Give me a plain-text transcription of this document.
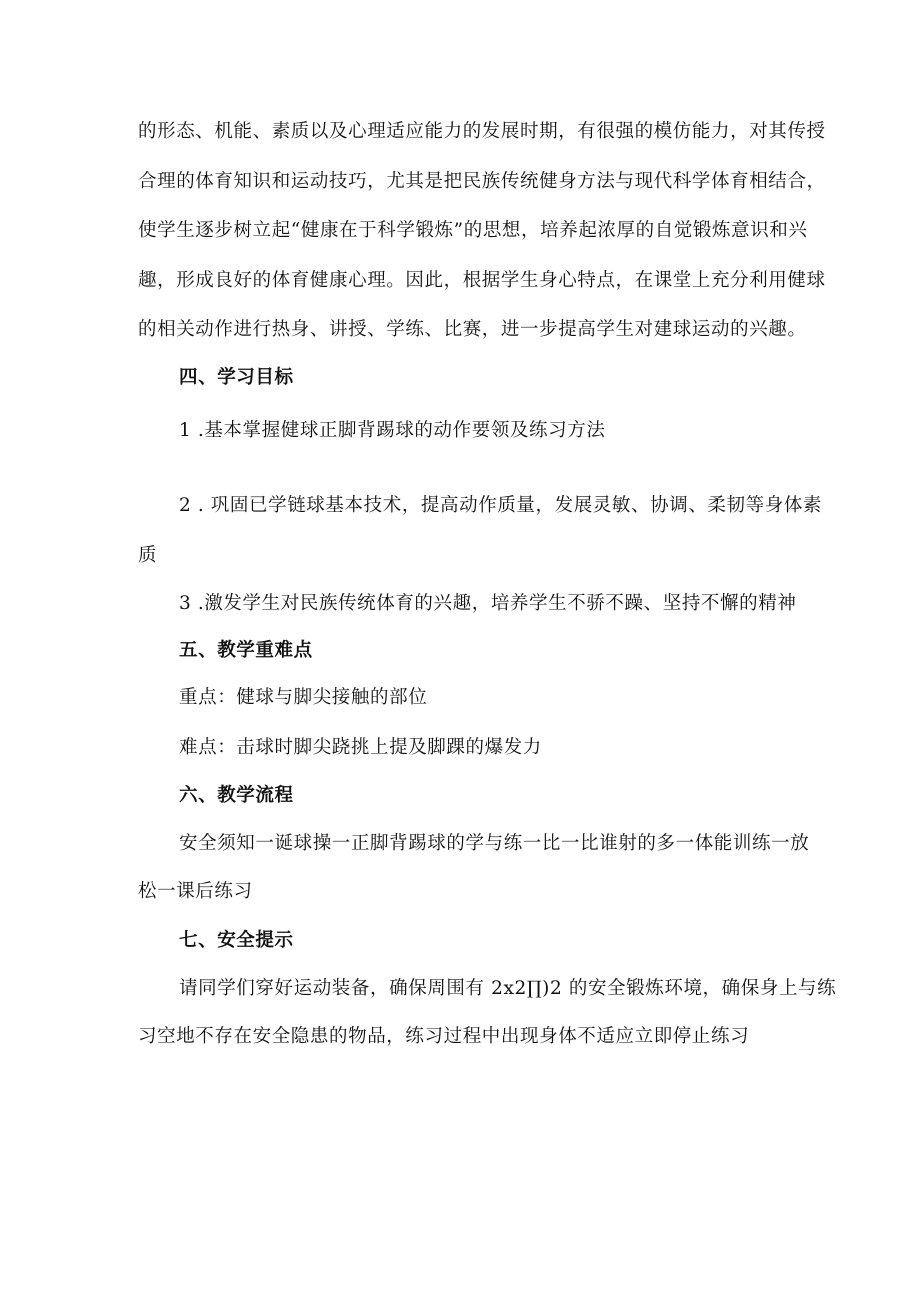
的形态、机能、素质以及心理适应能力的发展时期，有很强的模仿能力，对其传授
合理的体育知识和运动技巧，尤其是把民族传统健身方法与现代科学体育相结合，
使学生逐步树立起“健康在于科学锻炼”的思想，培养起浓厚的自觉锻炼意识和兴
趣，形成良好的体育健康心理。因此，根据学生身心特点，在课堂上充分利用健球
的相关动作进行热身、讲授、学练、比赛，进一步提高学生对建球运动的兴趣。
四、学习目标
1 .基本掌握健球正脚背踢球的动作要领及练习方法
2 . 巩固已学链球基本技术，提高动作质量，发展灵敏、协调、柔韧等身体素
质
3 .激发学生对民族传统体育的兴趣，培养学生不骄不躁、坚持不懈的精神
五、教学重难点
重点：健球与脚尖接触的部位
难点：击球时脚尖跷挑上提及脚踝的爆发力
六、教学流程
安全须知一诞球操一正脚背踢球的学与练一比一比谁射的多一体能训练一放
松一课后练习
七、安全提示
请同学们穿好运动装备，确保周围有 2x2∏)2 的安全锻炼环境，确保身上与练
习空地不存在安全隐患的物品，练习过程中出现身体不适应立即停止练习
